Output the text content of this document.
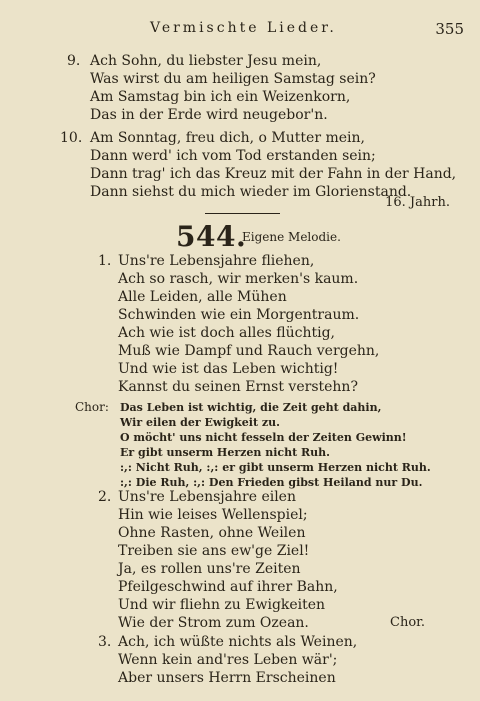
Vermischte Lieder.	355
9. Ach Sohn, du liebster Jesu mein,
Was wirst du am heiligen Samstag sein?
Am Samstag bin ich ein Weizenkorn,
Das in der Erde wird neugebor'n.
10. Am Sonntag, freu dich, o Mutter mein,
Dann werd' ich vom Tod erstanden sein;
Dann trag' ich das Kreuz mit der Fahn in der Hand,
Dann siehst du mich wieder im Glorienstand.
16. Jahrh.
544.
Eigene Melodie.
1. Uns're Lebensjahre fliehen,
Ach so rasch, wir merken's kaum.
Alle Leiden, alle Mühen
Schwinden wie ein Morgentraum.
Ach wie ist doch alles flüchtig,
Muß wie Dampf und Rauch vergehn,
Und wie ist das Leben wichtig!
Kannst du seinen Ernst verstehn?
Chor: Das Leben ist wichtig, die Zeit geht dahin,
Wir eilen der Ewigkeit zu.
O möcht' uns nicht fesseln der Zeiten Gewinn!
Er gibt unserm Herzen nicht Ruh.
:,: Nicht Ruh, :,: er gibt unserm Herzen nicht Ruh.
:,: Die Ruh, :,: Den Frieden gibst Heiland nur Du.
2. Uns're Lebensjahre eilen
Hin wie leises Wellenspiel;
Ohne Rasten, ohne Weilen
Treiben sie ans ew'ge Ziel!
Ja, es rollen uns're Zeiten
Pfeilgeschwind auf ihrer Bahn,
Und wir fliehn zu Ewigkeiten
Wie der Strom zum Ozean.	Chor.
3. Ach, ich wüßte nichts als Weinen,
Wenn kein and'res Leben wär';
Aber unsers Herrn Erscheinen
